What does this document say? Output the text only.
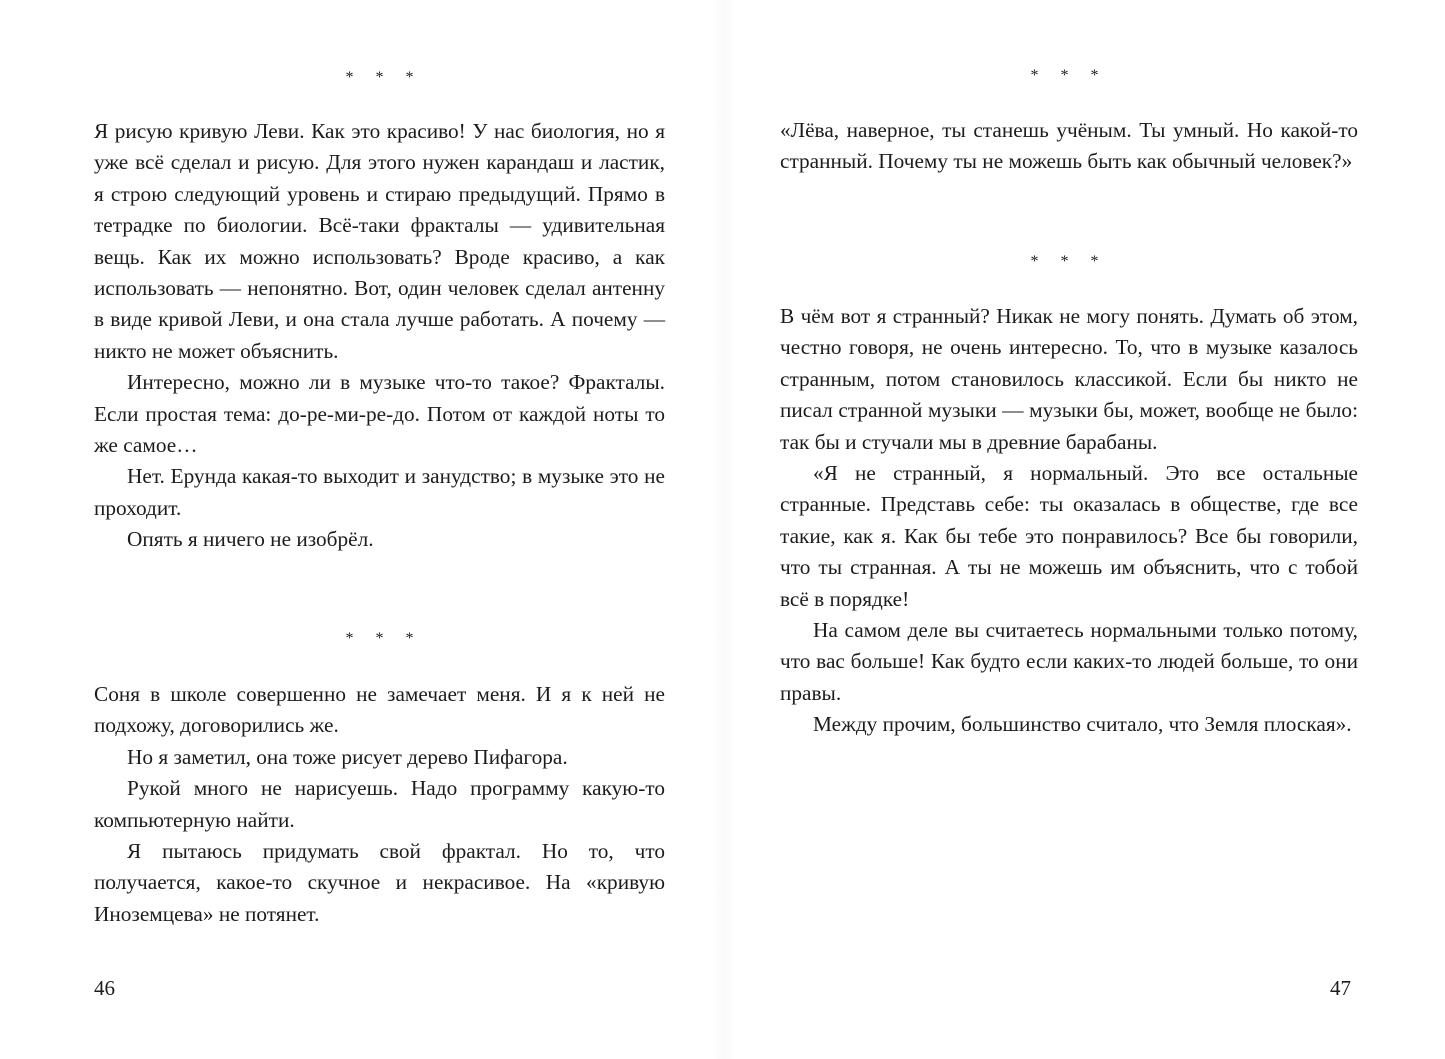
* * *

Я рисую кривую Леви. Как это красиво! У нас биология, но я уже всё сделал и рисую. Для этого нужен карандаш и ластик, я строю следующий уровень и стираю предыдущий. Прямо в тетрадке по биологии. Всё-таки фракталы — удивительная вещь. Как их можно использовать? Вроде красиво, а как использовать — непонятно. Вот, один человек сделал антенну в виде кривой Леви, и она стала лучше работать. А почему — никто не может объяснить.

Интересно, можно ли в музыке что-то такое? Фракталы. Если простая тема: до-ре-ми-ре-до. Потом от каждой ноты то же самое…

Нет. Ерунда какая-то выходит и занудство; в музыке это не проходит.

Опять я ничего не изобрёл.

* * *

Соня в школе совершенно не замечает меня. И я к ней не подхожу, договорились же.

Но я заметил, она тоже рисует дерево Пифагора.

Рукой много не нарисуешь. Надо программу какую-то компьютерную найти.

Я пытаюсь придумать свой фрактал. Но то, что получается, какое-то скучное и некрасивое. На «кривую Иноземцева» не потянет.

46
* * *

«Лёва, наверное, ты станешь учёным. Ты умный. Но какой-то странный. Почему ты не можешь быть как обычный человек?»

* * *

В чём вот я странный? Никак не могу понять. Думать об этом, честно говоря, не очень интересно. То, что в музыке казалось странным, потом становилось классикой. Если бы никто не писал странной музыки — музыки бы, может, вообще не было: так бы и стучали мы в древние барабаны.

«Я не странный, я нормальный. Это все остальные странные. Представь себе: ты оказалась в обществе, где все такие, как я. Как бы тебе это понравилось? Все бы говорили, что ты странная. А ты не можешь им объяснить, что с тобой всё в порядке!

На самом деле вы считаетесь нормальными только потому, что вас больше! Как будто если каких-то людей больше, то они правы.

Между прочим, большинство считало, что Земля плоская».

47
